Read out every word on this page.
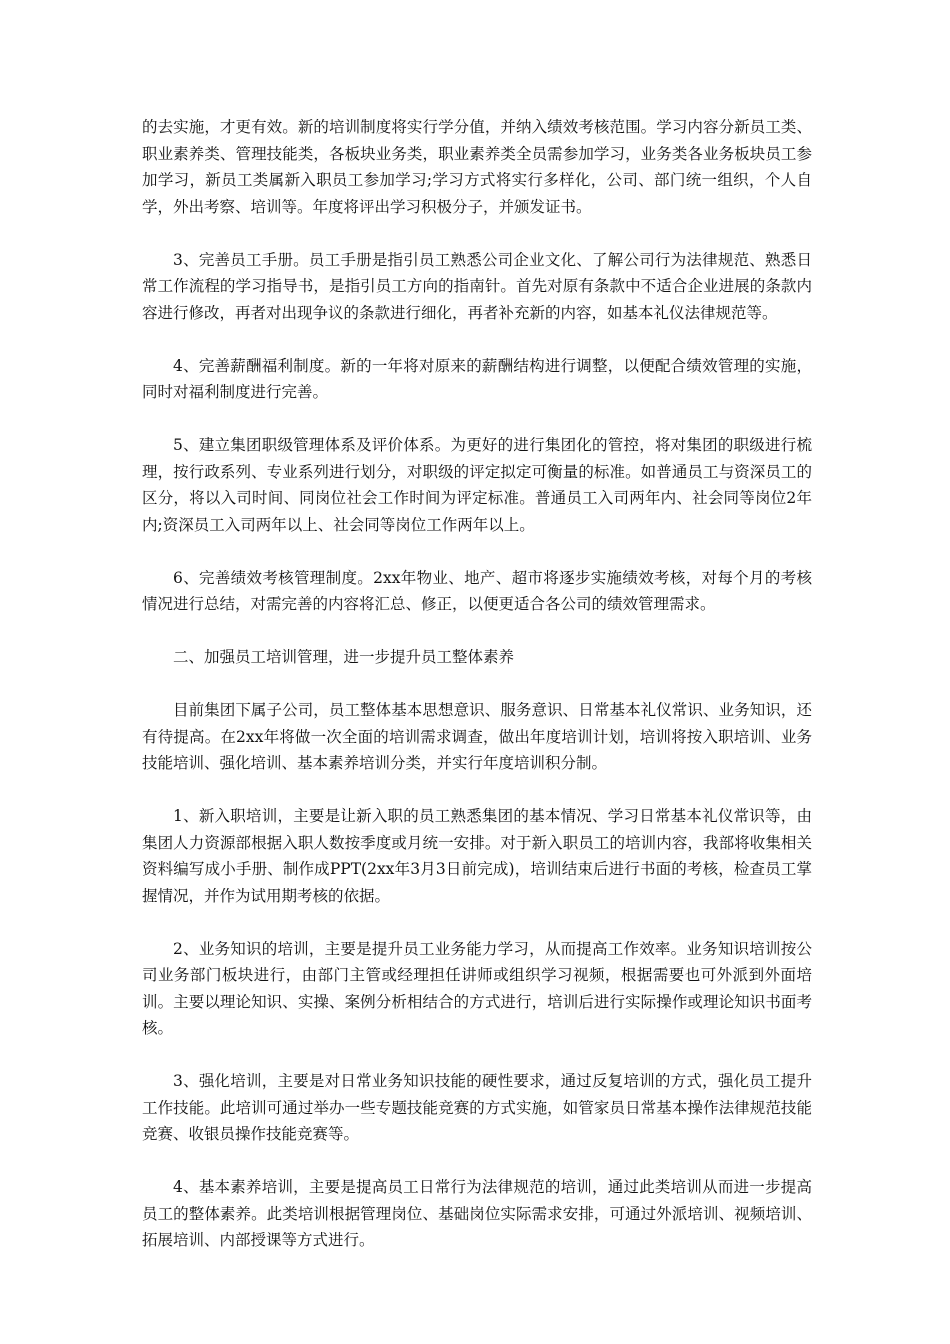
的去实施，才更有效。新的培训制度将实行学分值，并纳入绩效考核范围。学习内容分新员工类、职业素养类、管理技能类，各板块业务类，职业素养类全员需参加学习，业务类各业务板块员工参加学习，新员工类属新入职员工参加学习;学习方式将实行多样化，公司、部门统一组织，个人自学，外出考察、培训等。年度将评出学习积极分子，并颁发证书。

3、完善员工手册。员工手册是指引员工熟悉公司企业文化、了解公司行为法律规范、熟悉日常工作流程的学习指导书，是指引员工方向的指南针。首先对原有条款中不适合企业进展的条款内容进行修改，再者对出现争议的条款进行细化，再者补充新的内容，如基本礼仪法律规范等。

4、完善薪酬福利制度。新的一年将对原来的薪酬结构进行调整，以便配合绩效管理的实施，同时对福利制度进行完善。

5、建立集团职级管理体系及评价体系。为更好的进行集团化的管控，将对集团的职级进行梳理，按行政系列、专业系列进行划分，对职级的评定拟定可衡量的标准。如普通员工与资深员工的区分，将以入司时间、同岗位社会工作时间为评定标准。普通员工入司两年内、社会同等岗位2年内;资深员工入司两年以上、社会同等岗位工作两年以上。

6、完善绩效考核管理制度。2xx年物业、地产、超市将逐步实施绩效考核，对每个月的考核情况进行总结，对需完善的内容将汇总、修正，以便更适合各公司的绩效管理需求。

二、加强员工培训管理，进一步提升员工整体素养

目前集团下属子公司，员工整体基本思想意识、服务意识、日常基本礼仪常识、业务知识，还有待提高。在2xx年将做一次全面的培训需求调查，做出年度培训计划，培训将按入职培训、业务技能培训、强化培训、基本素养培训分类，并实行年度培训积分制。

1、新入职培训，主要是让新入职的员工熟悉集团的基本情况、学习日常基本礼仪常识等，由集团人力资源部根据入职人数按季度或月统一安排。对于新入职员工的培训内容，我部将收集相关资料编写成小手册、制作成PPT(2xx年3月3日前完成)，培训结束后进行书面的考核，检查员工掌握情况，并作为试用期考核的依据。

2、业务知识的培训，主要是提升员工业务能力学习，从而提高工作效率。业务知识培训按公司业务部门板块进行，由部门主管或经理担任讲师或组织学习视频，根据需要也可外派到外面培训。主要以理论知识、实操、案例分析相结合的方式进行，培训后进行实际操作或理论知识书面考核。

3、强化培训，主要是对日常业务知识技能的硬性要求，通过反复培训的方式，强化员工提升工作技能。此培训可通过举办一些专题技能竞赛的方式实施，如管家员日常基本操作法律规范技能竞赛、收银员操作技能竞赛等。

4、基本素养培训，主要是提高员工日常行为法律规范的培训，通过此类培训从而进一步提高员工的整体素养。此类培训根据管理岗位、基础岗位实际需求安排，可通过外派培训、视频培训、拓展培训、内部授课等方式进行。
